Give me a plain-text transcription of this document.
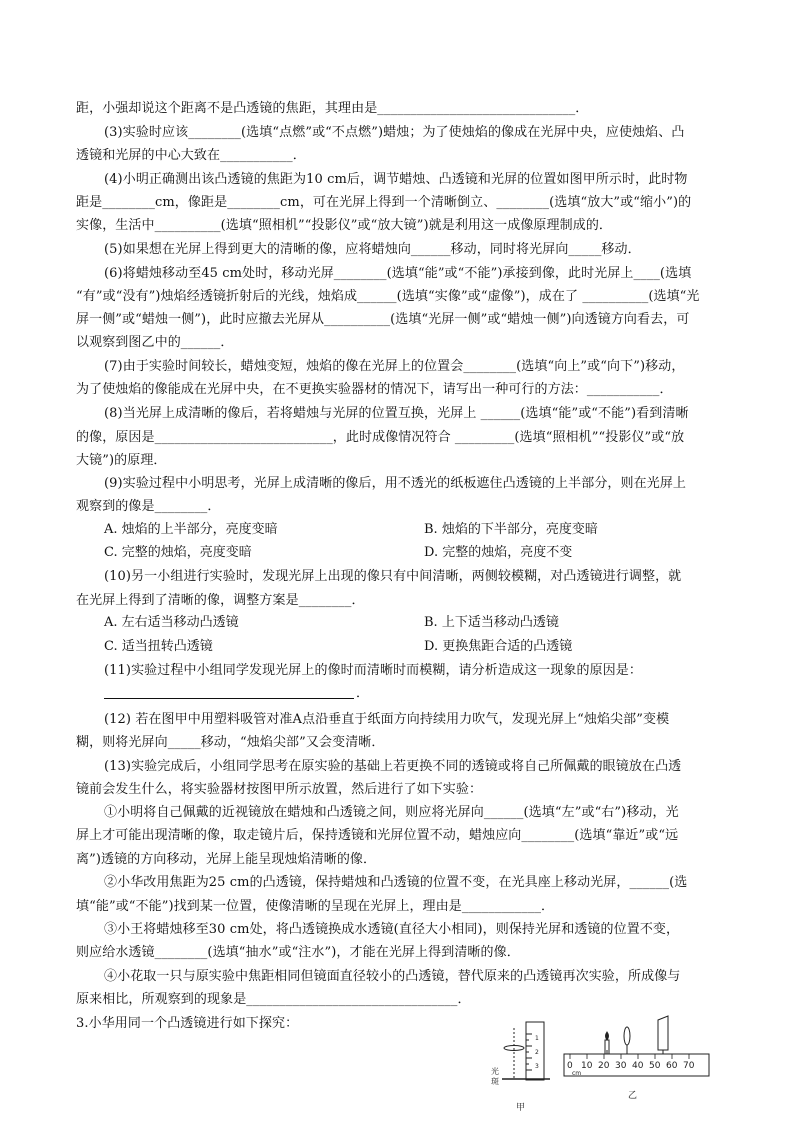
距，小强却说这个距离不是凸透镜的焦距，其理由是______________________________．
(3)实验时应该________(选填“点燃”或“不点燃”)蜡烛；为了使烛焰的像成在光屏中央，应使烛焰、凸
透镜和光屏的中心大致在___________．
(4)小明正确测出该凸透镜的焦距为10 cm后，调节蜡烛、凸透镜和光屏的位置如图甲所示时，此时物
距是________cm，像距是________cm，可在光屏上得到一个清晰倒立、________(选填“放大”或“缩小”)的
实像，生活中__________(选填“照相机”“投影仪”或“放大镜”)就是利用这一成像原理制成的．
(5)如果想在光屏上得到更大的清晰的像，应将蜡烛向______移动，同时将光屏向_____移动．
(6)将蜡烛移动至45 cm处时，移动光屏________(选填“能”或“不能”)承接到像，此时光屏上____(选填
“有”或“没有”)烛焰经透镜折射后的光线，烛焰成______(选填“实像”或“虚像”)，成在了 __________(选填“光
屏一侧”或“蜡烛一侧”)，此时应撤去光屏从__________(选填“光屏一侧”或“蜡烛一侧”)向透镜方向看去，可
以观察到图乙中的______．
(7)由于实验时间较长，蜡烛变短，烛焰的像在光屏上的位置会________(选填“向上”或“向下”)移动，
为了使烛焰的像能成在光屏中央，在不更换实验器材的情况下，请写出一种可行的方法：___________．
(8)当光屏上成清晰的像后，若将蜡烛与光屏的位置互换，光屏上 ______(选填“能”或“不能”)看到清晰
的像，原因是___________________________，此时成像情况符合 _________(选填“照相机”“投影仪”或“放
大镜”)的原理．
(9)实验过程中小明思考，光屏上成清晰的像后，用不透光的纸板遮住凸透镜的上半部分，则在光屏上
观察到的像是________．
A. 烛焰的上半部分，亮度变暗	B. 烛焰的下半部分，亮度变暗
C. 完整的烛焰，亮度变暗	D. 完整的烛焰，亮度不变
(10)另一小组进行实验时，发现光屏上出现的像只有中间清晰，两侧较模糊，对凸透镜进行调整，就
在光屏上得到了清晰的像，调整方案是________．
A. 左右适当移动凸透镜	B. 上下适当移动凸透镜
C. 适当扭转凸透镜	D. 更换焦距合适的凸透镜
(11)实验过程中小组同学发现光屏上的像时而清晰时而模糊，请分析造成这一现象的原因是：
．
(12) 若在图甲中用塑料吸管对准A点沿垂直于纸面方向持续用力吹气，发现光屏上“烛焰尖部”变模
糊，则将光屏向_____移动，“烛焰尖部”又会变清晰．
(13)实验完成后，小组同学思考在原实验的基础上若更换不同的透镜或将自己所佩戴的眼镜放在凸透
镜前会发生什么，将实验器材按图甲所示放置，然后进行了如下实验：
①小明将自己佩戴的近视镜放在蜡烛和凸透镜之间，则应将光屏向______(选填“左”或“右”)移动，光
屏上才可能出现清晰的像，取走镜片后，保持透镜和光屏位置不动，蜡烛应向________(选填“靠近”或“远
离”)透镜的方向移动，光屏上能呈现烛焰清晰的像．
②小华改用焦距为25 cm的凸透镜，保持蜡烛和凸透镜的位置不变，在光具座上移动光屏，______(选
填“能”或“不能”)找到某一位置，使像清晰的呈现在光屏上，理由是____________．
③小王将蜡烛移至30 cm处，将凸透镜换成水透镜(直径大小相同)，则保持光屏和透镜的位置不变，
则应给水透镜________(选填“抽水”或“注水”)，才能在光屏上得到清晰的像．
④小花取一只与原实验中焦距相同但镜面直径较小的凸透镜，替代原来的凸透镜再次实验，所成像与
原来相比，所观察到的现象是________________________________．
3.小华用同一个凸透镜进行如下探究：
1
2
3
光
斑
甲
0 10 20 30 40 50 60 70
cm
乙
